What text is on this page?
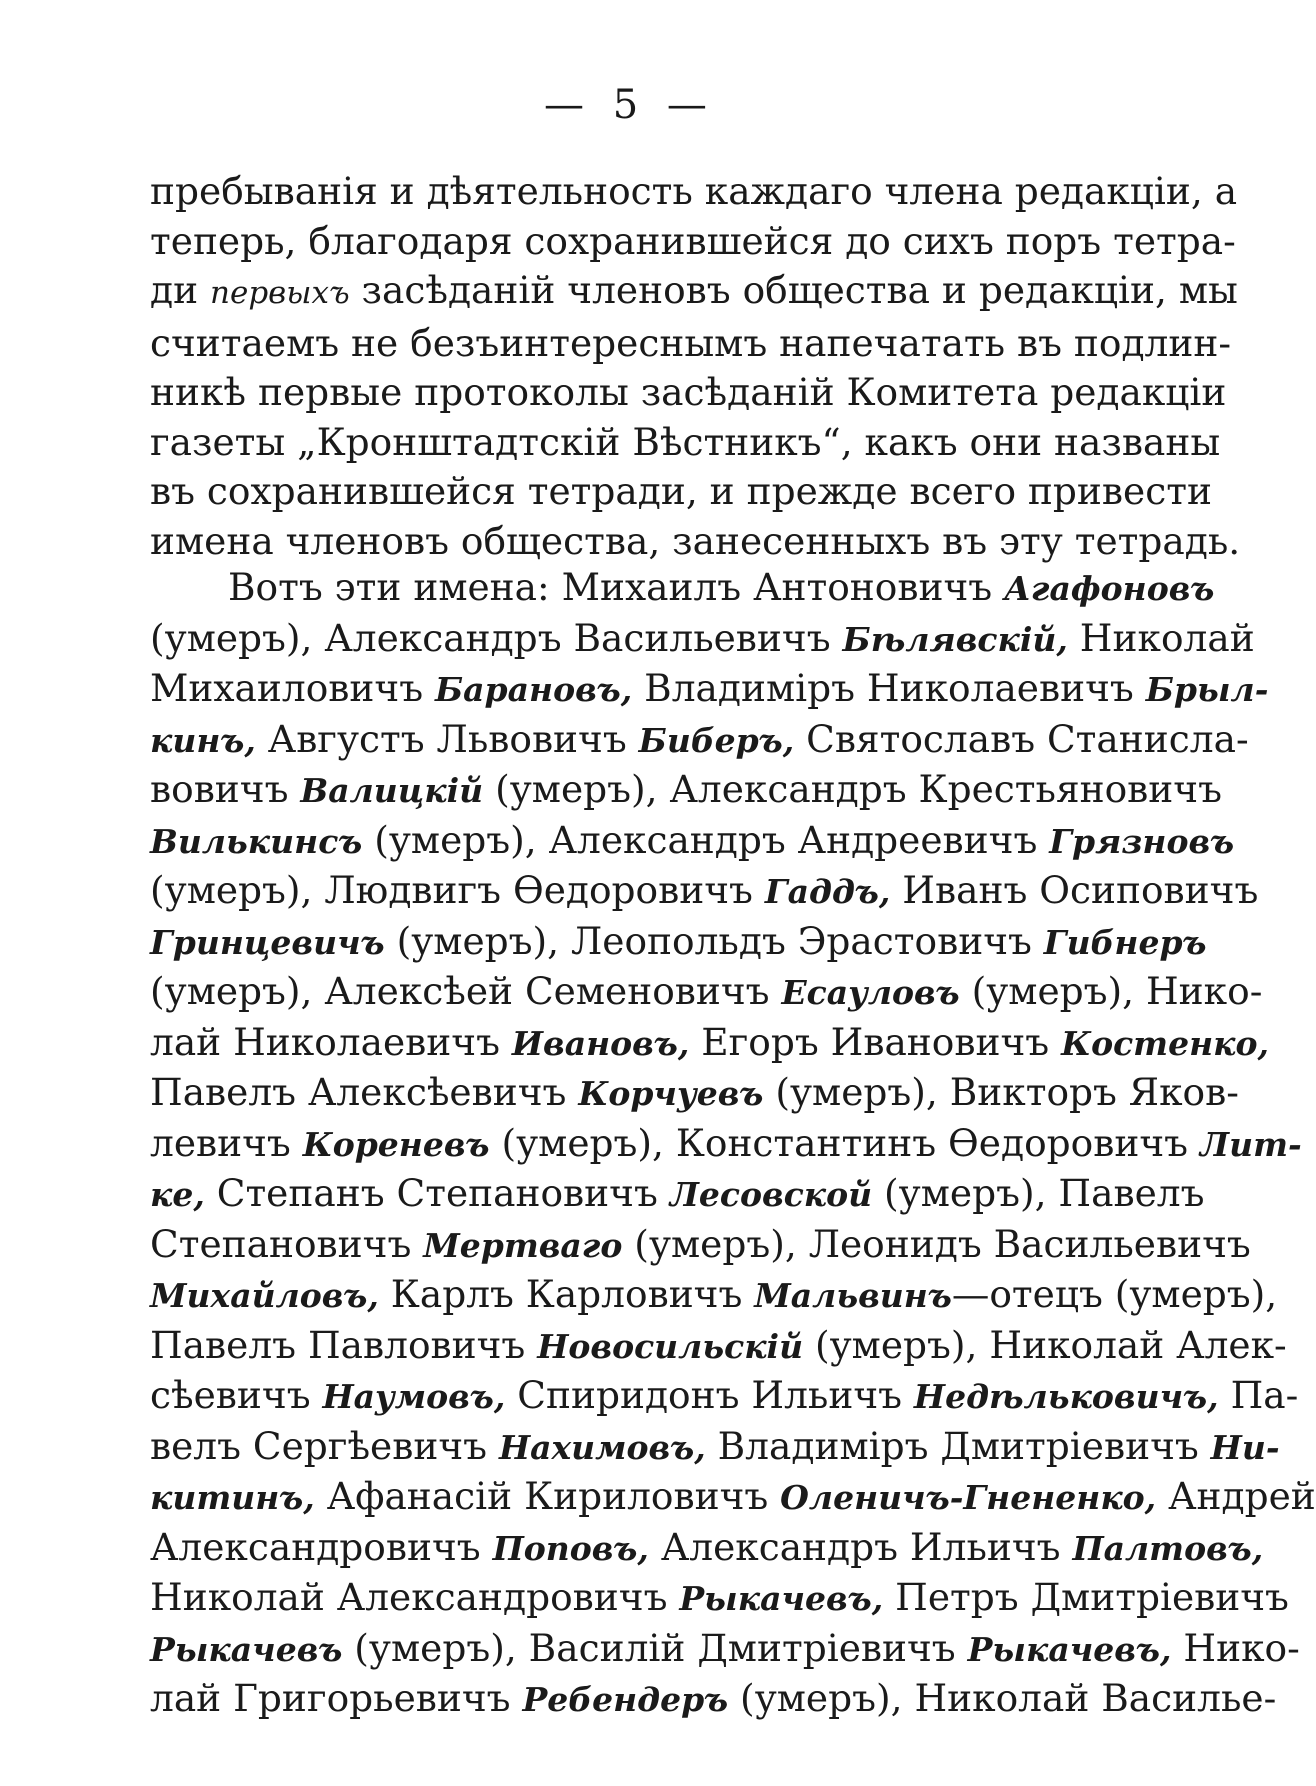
— 5 —
пребыванія и дѣятельность каждаго члена редакціи, а
теперь, благодаря сохранившейся до сихъ поръ тетра-
ди первыхъ засѣданій членовъ общества и редакціи, мы
считаемъ не безъинтереснымъ напечатать въ подлин-
никѣ первые протоколы засѣданій Комитета редакціи
газеты „Кронштадтскій Вѣстникъ“, какъ они названы
въ сохранившейся тетради, и прежде всего привести
имена членовъ общества, занесенныхъ въ эту тетрадь.
Вотъ эти имена: Михаилъ Антоновичъ Агафоновъ
(умеръ), Александръ Васильевичъ Бѣлявскій, Николай
Михаиловичъ Барановъ, Владиміръ Николаевичъ Брыл-
кинъ, Августъ Львовичъ Биберъ, Святославъ Станисла-
вовичъ Валицкій (умеръ), Александръ Крестьяновичъ
Вилькинсъ (умеръ), Александръ Андреевичъ Грязновъ
(умеръ), Людвигъ Ѳедоровичъ Гаддъ, Иванъ Осиповичъ
Гринцевичъ (умеръ), Леопольдъ Эрастовичъ Гибнеръ
(умеръ), Алексѣей Семеновичъ Есауловъ (умеръ), Нико-
лай Николаевичъ Ивановъ, Егоръ Ивановичъ Костенко,
Павелъ Алексѣевичъ Корчуевъ (умеръ), Викторъ Яков-
левичъ Кореневъ (умеръ), Константинъ Ѳедоровичъ Лит-
ке, Степанъ Степановичъ Лесовской (умеръ), Павелъ
Степановичъ Мертваго (умеръ), Леонидъ Васильевичъ
Михайловъ, Карлъ Карловичъ Мальвинъ—отецъ (умеръ),
Павелъ Павловичъ Новосильскій (умеръ), Николай Алек-
сѣевичъ Наумовъ, Спиридонъ Ильичъ Недѣльковичъ, Па-
велъ Сергѣевичъ Нахимовъ, Владиміръ Дмитріевичъ Ни-
китинъ, Афанасій Кириловичъ Оленичъ-Гнененко, Андрей
Александровичъ Поповъ, Александръ Ильичъ Палтовъ,
Николай Александровичъ Рыкачевъ, Петръ Дмитріевичъ
Рыкачевъ (умеръ), Василій Дмитріевичъ Рыкачевъ, Нико-
лай Григорьевичъ Ребендеръ (умеръ), Николай Василье-
